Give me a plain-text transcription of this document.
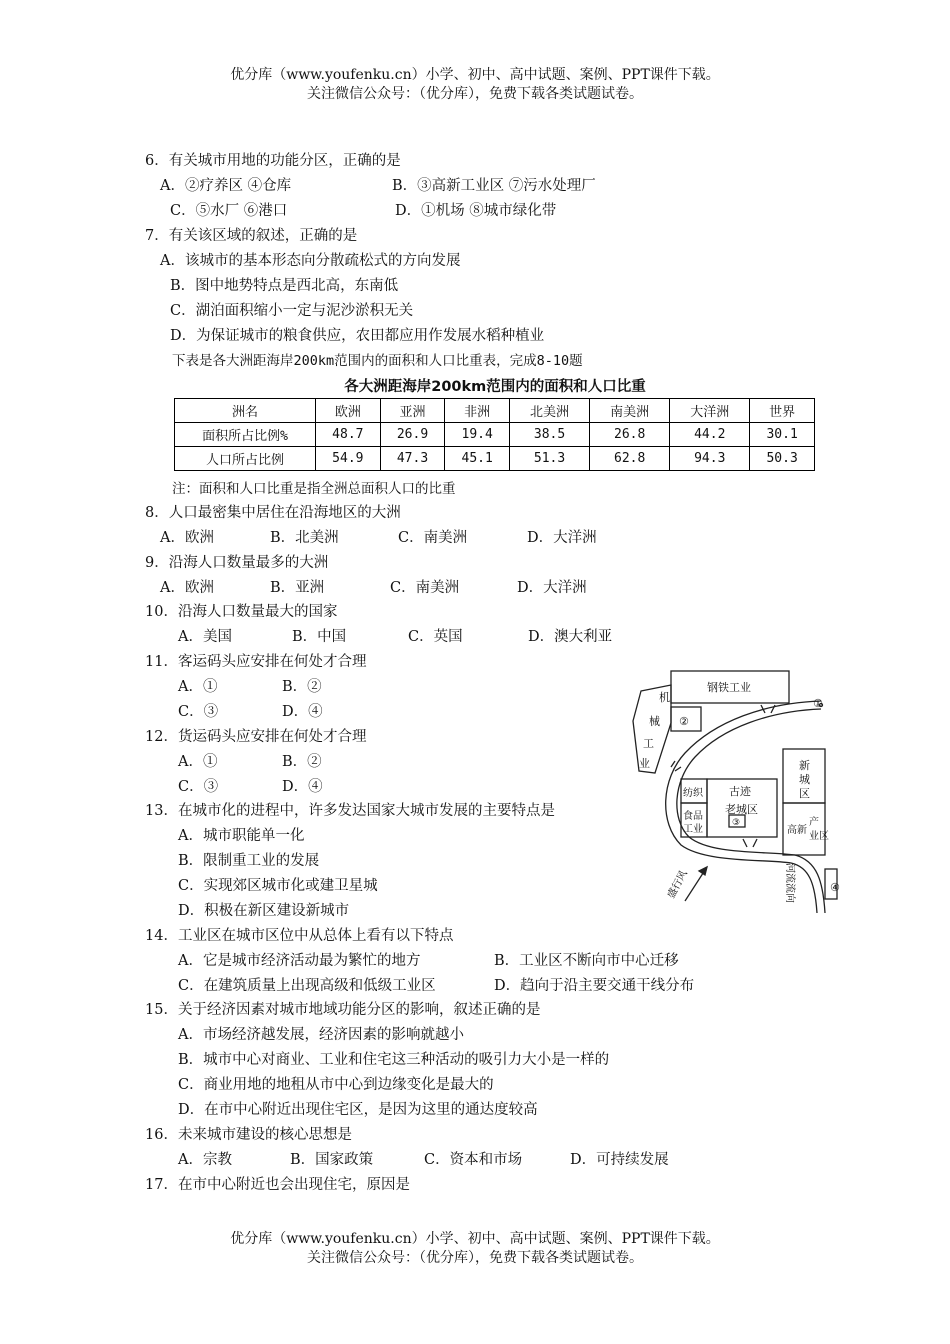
优分库（www.youfenku.cn）小学、初中、高中试题、案例、PPT课件下载。
关注微信公众号：（优分库），免费下载各类试题试卷。
6．有关城市用地的功能分区，正确的是
A．②疗养区 ④仓库	B．③高新工业区 ⑦污水处理厂
C．⑤水厂 ⑥港口	D．①机场 ⑧城市绿化带
7．有关该区域的叙述，正确的是
A．该城市的基本形态向分散疏松式的方向发展
B．图中地势特点是西北高，东南低
C．湖泊面积缩小一定与泥沙淤积无关
D．为保证城市的粮食供应，农田都应用作发展水稻种植业
下表是各大洲距海岸200km范围内的面积和人口比重表，完成8-10题
各大洲距海岸200km范围内的面积和人口比重
洲名	欧洲	亚洲	非洲	北美洲	南美洲	大洋洲	世界
面积所占比例%	48.7	26.9	19.4	38.5	26.8	44.2	30.1
人口所占比例	54.9	47.3	45.1	51.3	62.8	94.3	50.3
注：面积和人口比重是指全洲总面积人口的比重
8．人口最密集中居住在沿海地区的大洲
A．欧洲	B．北美洲	C．南美洲	D．大洋洲
9．沿海人口数量最多的大洲
A．欧洲	B．亚洲	C．南美洲	D．大洋洲
10．沿海人口数量最大的国家
A．美国	B．中国	C．英国	D．澳大利亚
11．客运码头应安排在何处才合理
A．①	B．②
C．③	D．④
12．货运码头应安排在何处才合理
A．①	B．②
C．③	D．④
13．在城市化的进程中，许多发达国家大城市发展的主要特点是
A．城市职能单一化
B．限制重工业的发展
C．实现郊区城市化或建卫星城
D．积极在新区建设新城市
14．工业区在城市区位中从总体上看有以下特点
A．它是城市经济活动最为繁忙的地方	B．工业区不断向市中心迁移
C．在建筑质量上出现高级和低级工业区	D．趋向于沿主要交通干线分布
15．关于经济因素对城市地域功能分区的影响，叙述正确的是
A．市场经济越发展，经济因素的影响就越小
B．城市中心对商业、工业和住宅这三种活动的吸引力大小是一样的
C．商业用地的地租从市中心到边缘变化是最大的
D．在市中心附近出现住宅区，是因为这里的通达度较高
16．未来城市建设的核心思想是
A．宗教	B．国家政策	C．资本和市场	D．可持续发展
17．在市中心附近也会出现住宅，原因是
钢铁工业
机
械
工
业
②
①
纺织
食品
工业
古迹
老城区
③
新
城
区
产
业区
高新
④
盛行风	河流流向
优分库（www.youfenku.cn）小学、初中、高中试题、案例、PPT课件下载。
关注微信公众号：（优分库），免费下载各类试题试卷。
